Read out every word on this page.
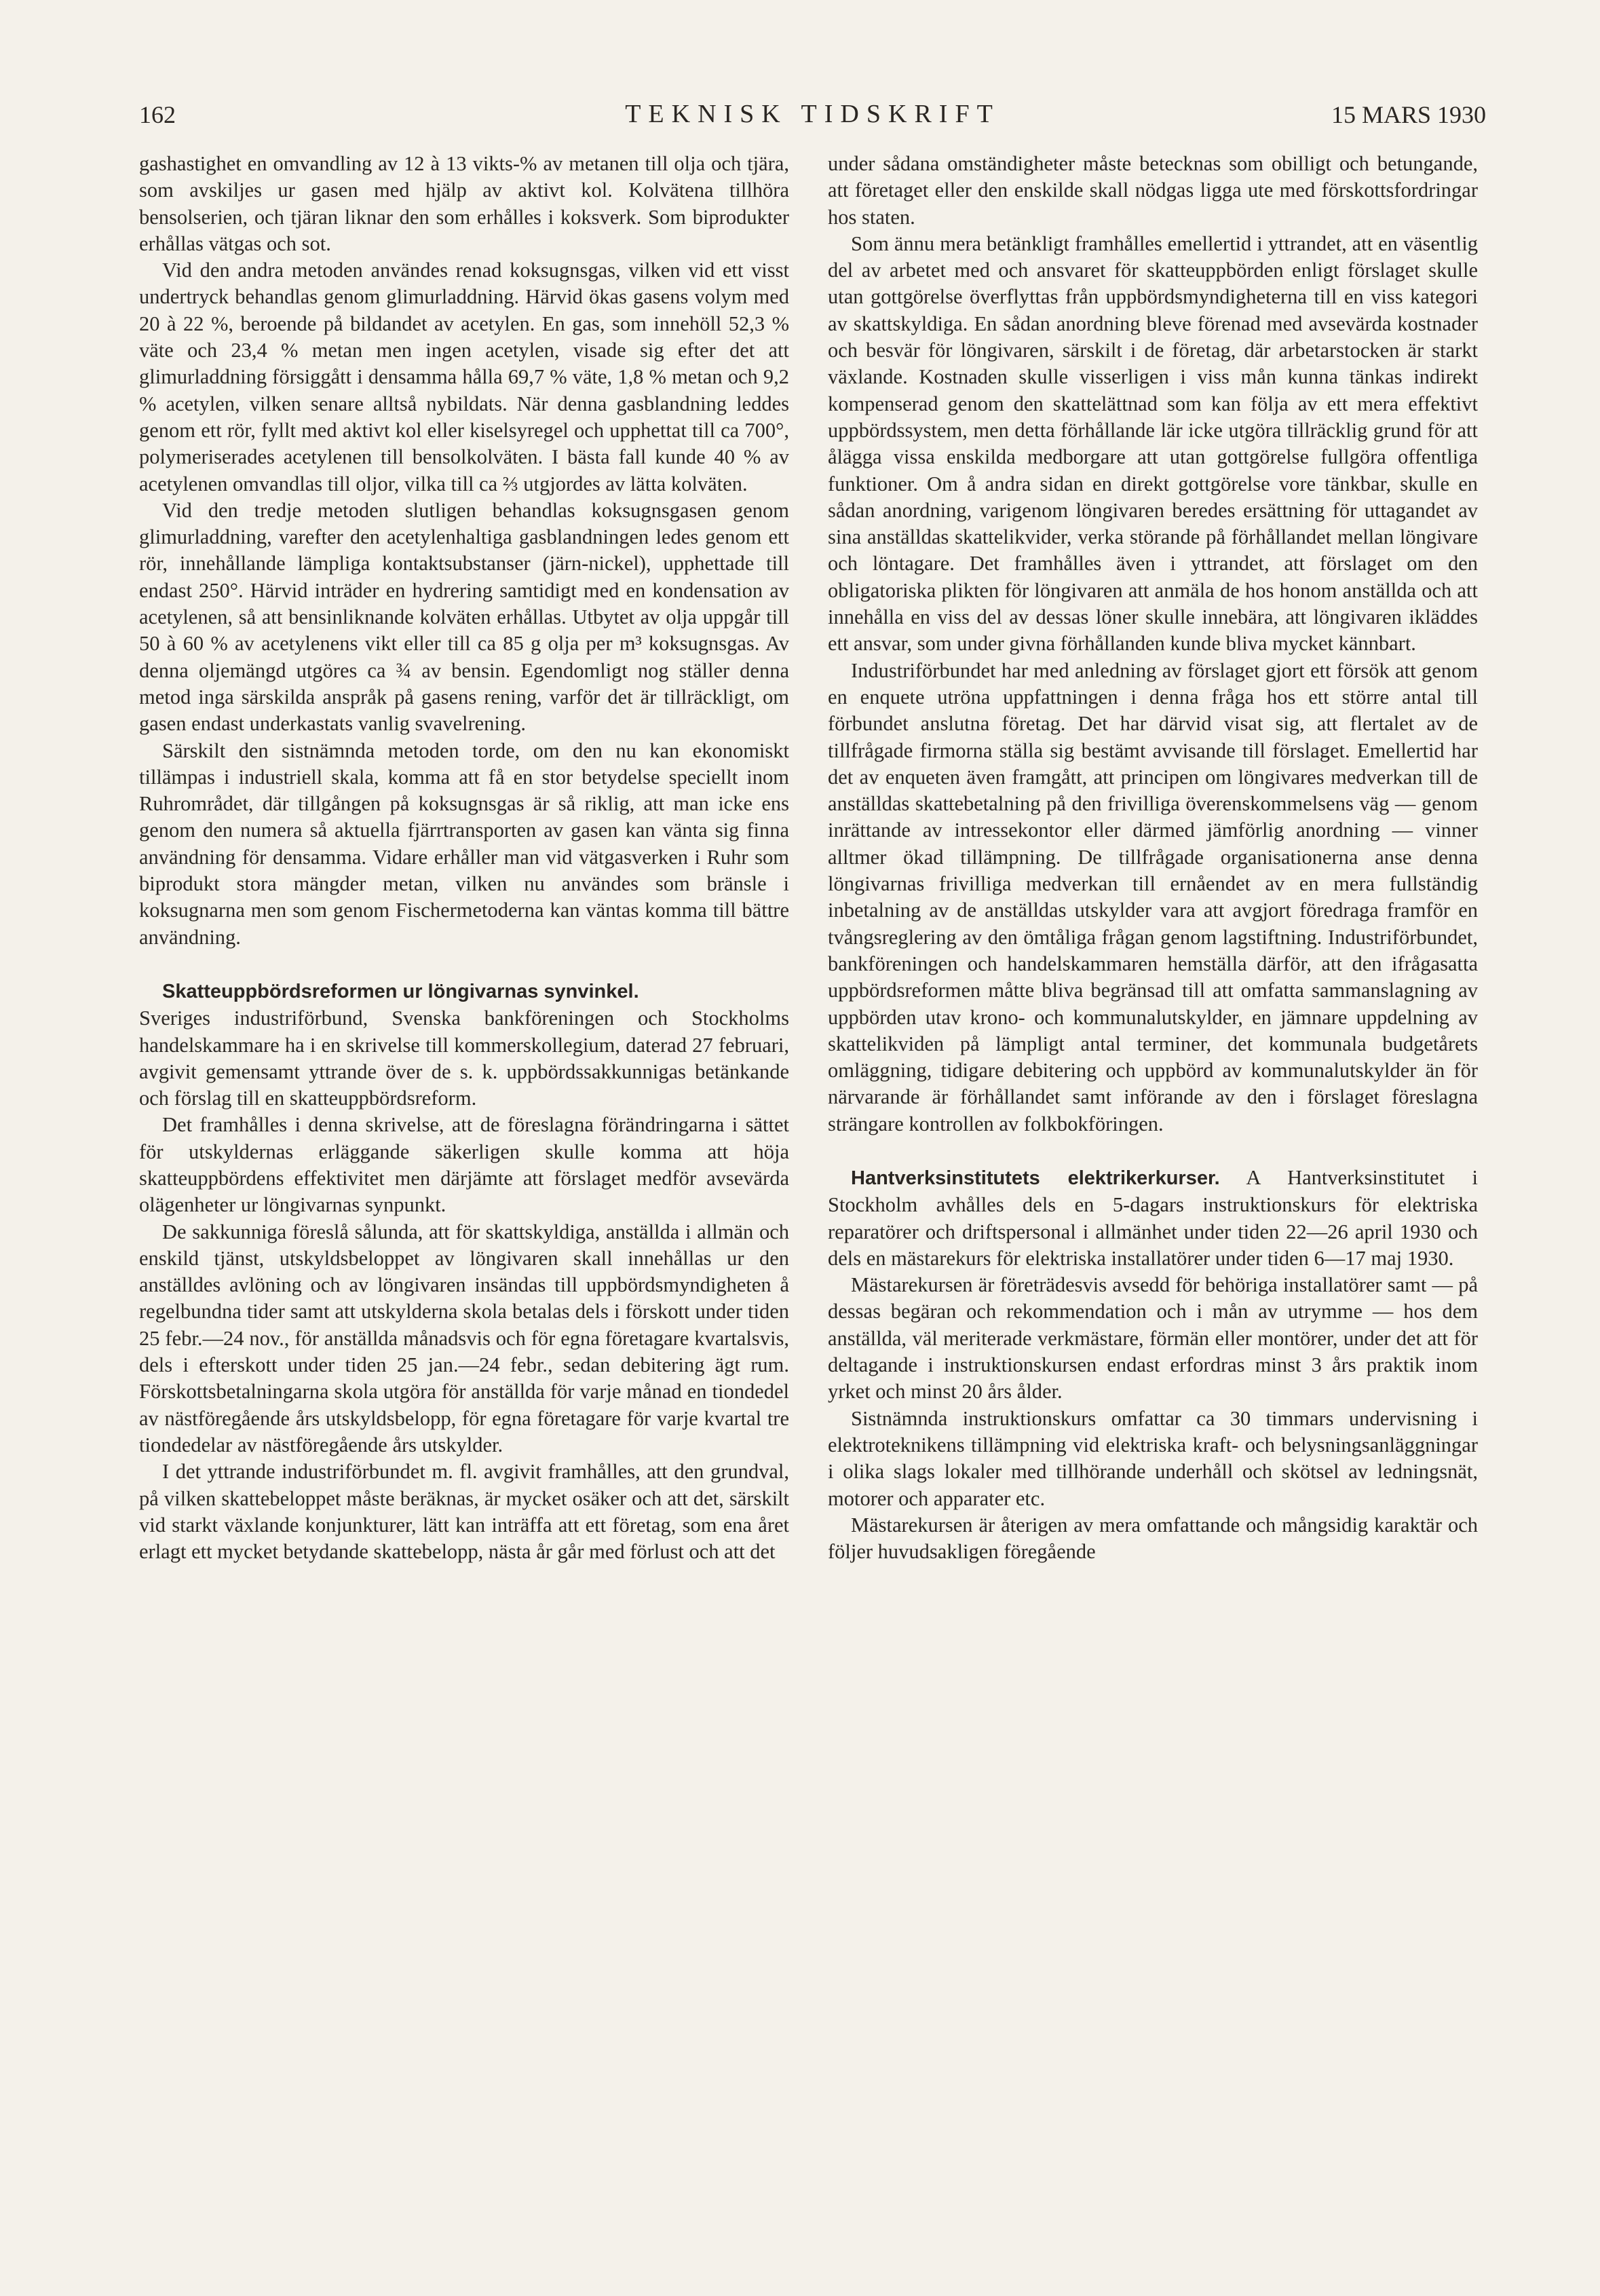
162	TEKNISK TIDSKRIFT	15 MARS 1930

gashastighet en omvandling av 12 à 13 vikts-% av metanen till olja och tjära, som avskiljes ur gasen med hjälp av aktivt kol. Kolvätena tillhöra bensolserien, och tjäran liknar den som erhålles i koksverk. Som biprodukter erhållas vätgas och sot.

Vid den andra metoden användes renad koksugnsgas, vilken vid ett visst undertryck behandlas genom glimurladdning. Härvid ökas gasens volym med 20 à 22 %, beroende på bildandet av acetylen. En gas, som innehöll 52,3 % väte och 23,4 % metan men ingen acetylen, visade sig efter det att glimurladdning försiggått i densamma hålla 69,7 % väte, 1,8 % metan och 9,2 % acetylen, vilken senare alltså nybildats. När denna gasblandning leddes genom ett rör, fyllt med aktivt kol eller kiselsyregel och upphettat till ca 700°, polymeriserades acetylenen till bensolkolväten. I bästa fall kunde 40 % av acetylenen omvandlas till oljor, vilka till ca ⅔ utgjordes av lätta kolväten.

Vid den tredje metoden slutligen behandlas koksugnsgasen genom glimurladdning, varefter den acetylenhaltiga gasblandningen ledes genom ett rör, innehållande lämpliga kontaktsubstanser (järn-nickel), upphettade till endast 250°. Härvid inträder en hydrering samtidigt med en kondensation av acetylenen, så att bensinliknande kolväten erhållas. Utbytet av olja uppgår till 50 à 60 % av acetylenens vikt eller till ca 85 g olja per m³ koksugnsgas. Av denna oljemängd utgöres ca ¾ av bensin. Egendomligt nog ställer denna metod inga särskilda anspråk på gasens rening, varför det är tillräckligt, om gasen endast underkastats vanlig svavelrening.

Särskilt den sistnämnda metoden torde, om den nu kan ekonomiskt tillämpas i industriell skala, komma att få en stor betydelse speciellt inom Ruhrområdet, där tillgången på koksugnsgas är så riklig, att man icke ens genom den numera så aktuella fjärrtransporten av gasen kan vänta sig finna användning för densamma. Vidare erhåller man vid vätgasverken i Ruhr som biprodukt stora mängder metan, vilken nu användes som bränsle i koksugnarna men som genom Fischermetoderna kan väntas komma till bättre användning.

Skatteuppbördsreformen ur löngivarnas synvinkel.

Sveriges industriförbund, Svenska bankföreningen och Stockholms handelskammare ha i en skrivelse till kommerskollegium, daterad 27 februari, avgivit gemensamt yttrande över de s. k. uppbördssakkunnigas betänkande och förslag till en skatteuppbördsreform.

Det framhålles i denna skrivelse, att de föreslagna förändringarna i sättet för utskyldernas erläggande säkerligen skulle komma att höja skatteuppbördens effektivitet men därjämte att förslaget medför avsevärda olägenheter ur löngivarnas synpunkt.

De sakkunniga föreslå sålunda, att för skattskyldiga, anställda i allmän och enskild tjänst, utskyldsbeloppet av löngivaren skall innehållas ur den anställdes avlöning och av löngivaren insändas till uppbördsmyndigheten å regelbundna tider samt att utskylderna skola betalas dels i förskott under tiden 25 febr.—24 nov., för anställda månadsvis och för egna företagare kvartalsvis, dels i efterskott under tiden 25 jan.—24 febr., sedan debitering ägt rum. Förskottsbetalningarna skola utgöra för anställda för varje månad en tiondedel av nästföregående års utskyldsbelopp, för egna företagare för varje kvartal tre tiondedelar av nästföregående års utskylder.

I det yttrande industriförbundet m. fl. avgivit framhålles, att den grundval, på vilken skattebeloppet måste beräknas, är mycket osäker och att det, särskilt vid starkt växlande konjunkturer, lätt kan inträffa att ett företag, som ena året erlagt ett mycket betydande skattebelopp, nästa år går med förlust och att det

under sådana omständigheter måste betecknas som obilligt och betungande, att företaget eller den enskilde skall nödgas ligga ute med förskottsfordringar hos staten.

Som ännu mera betänkligt framhålles emellertid i yttrandet, att en väsentlig del av arbetet med och ansvaret för skatteuppbörden enligt förslaget skulle utan gottgörelse överflyttas från uppbördsmyndigheterna till en viss kategori av skattskyldiga. En sådan anordning bleve förenad med avsevärda kostnader och besvär för löngivaren, särskilt i de företag, där arbetarstocken är starkt växlande. Kostnaden skulle visserligen i viss mån kunna tänkas indirekt kompenserad genom den skattelättnad som kan följa av ett mera effektivt uppbördssystem, men detta förhållande lär icke utgöra tillräcklig grund för att ålägga vissa enskilda medborgare att utan gottgörelse fullgöra offentliga funktioner. Om å andra sidan en direkt gottgörelse vore tänkbar, skulle en sådan anordning, varigenom löngivaren beredes ersättning för uttagandet av sina anställdas skattelikvider, verka störande på förhållandet mellan löngivare och löntagare. Det framhålles även i yttrandet, att förslaget om den obligatoriska plikten för löngivaren att anmäla de hos honom anställda och att innehålla en viss del av dessas löner skulle innebära, att löngivaren ikläddes ett ansvar, som under givna förhållanden kunde bliva mycket kännbart.

Industriförbundet har med anledning av förslaget gjort ett försök att genom en enquete utröna uppfattningen i denna fråga hos ett större antal till förbundet anslutna företag. Det har därvid visat sig, att flertalet av de tillfrågade firmorna ställa sig bestämt avvisande till förslaget. Emellertid har det av enqueten även framgått, att principen om löngivares medverkan till de anställdas skattebetalning på den frivilliga överenskommelsens väg — genom inrättande av intressekontor eller därmed jämförlig anordning — vinner alltmer ökad tillämpning. De tillfrågade organisationerna anse denna löngivarnas frivilliga medverkan till ernåendet av en mera fullständig inbetalning av de anställdas utskylder vara att avgjort föredraga framför en tvångsreglering av den ömtåliga frågan genom lagstiftning. Industriförbundet, bankföreningen och handelskammaren hemställa därför, att den ifrågasatta uppbördsreformen måtte bliva begränsad till att omfatta sammanslagning av uppbörden utav krono- och kommunalutskylder, en jämnare uppdelning av skattelikviden på lämpligt antal terminer, det kommunala budgetårets omläggning, tidigare debitering och uppbörd av kommunalutskylder än för närvarande är förhållandet samt införande av den i förslaget föreslagna strängare kontrollen av folkbokföringen.

Hantverksinstitutets elektrikerkurser. A Hantverksinstitutet i Stockholm avhålles dels en 5-dagars instruktionskurs för elektriska reparatörer och driftspersonal i allmänhet under tiden 22—26 april 1930 och dels en mästarekurs för elektriska installatörer under tiden 6—17 maj 1930.

Mästarekursen är företrädesvis avsedd för behöriga installatörer samt — på dessas begäran och rekommendation och i mån av utrymme — hos dem anställda, väl meriterade verkmästare, förmän eller montörer, under det att för deltagande i instruktionskursen endast erfordras minst 3 års praktik inom yrket och minst 20 års ålder.

Sistnämnda instruktionskurs omfattar ca 30 timmars undervisning i elektroteknikens tillämpning vid elektriska kraft- och belysningsanläggningar i olika slags lokaler med tillhörande underhåll och skötsel av ledningsnät, motorer och apparater etc.

Mästarekursen är återigen av mera omfattande och mångsidig karaktär och följer huvudsakligen föregående
